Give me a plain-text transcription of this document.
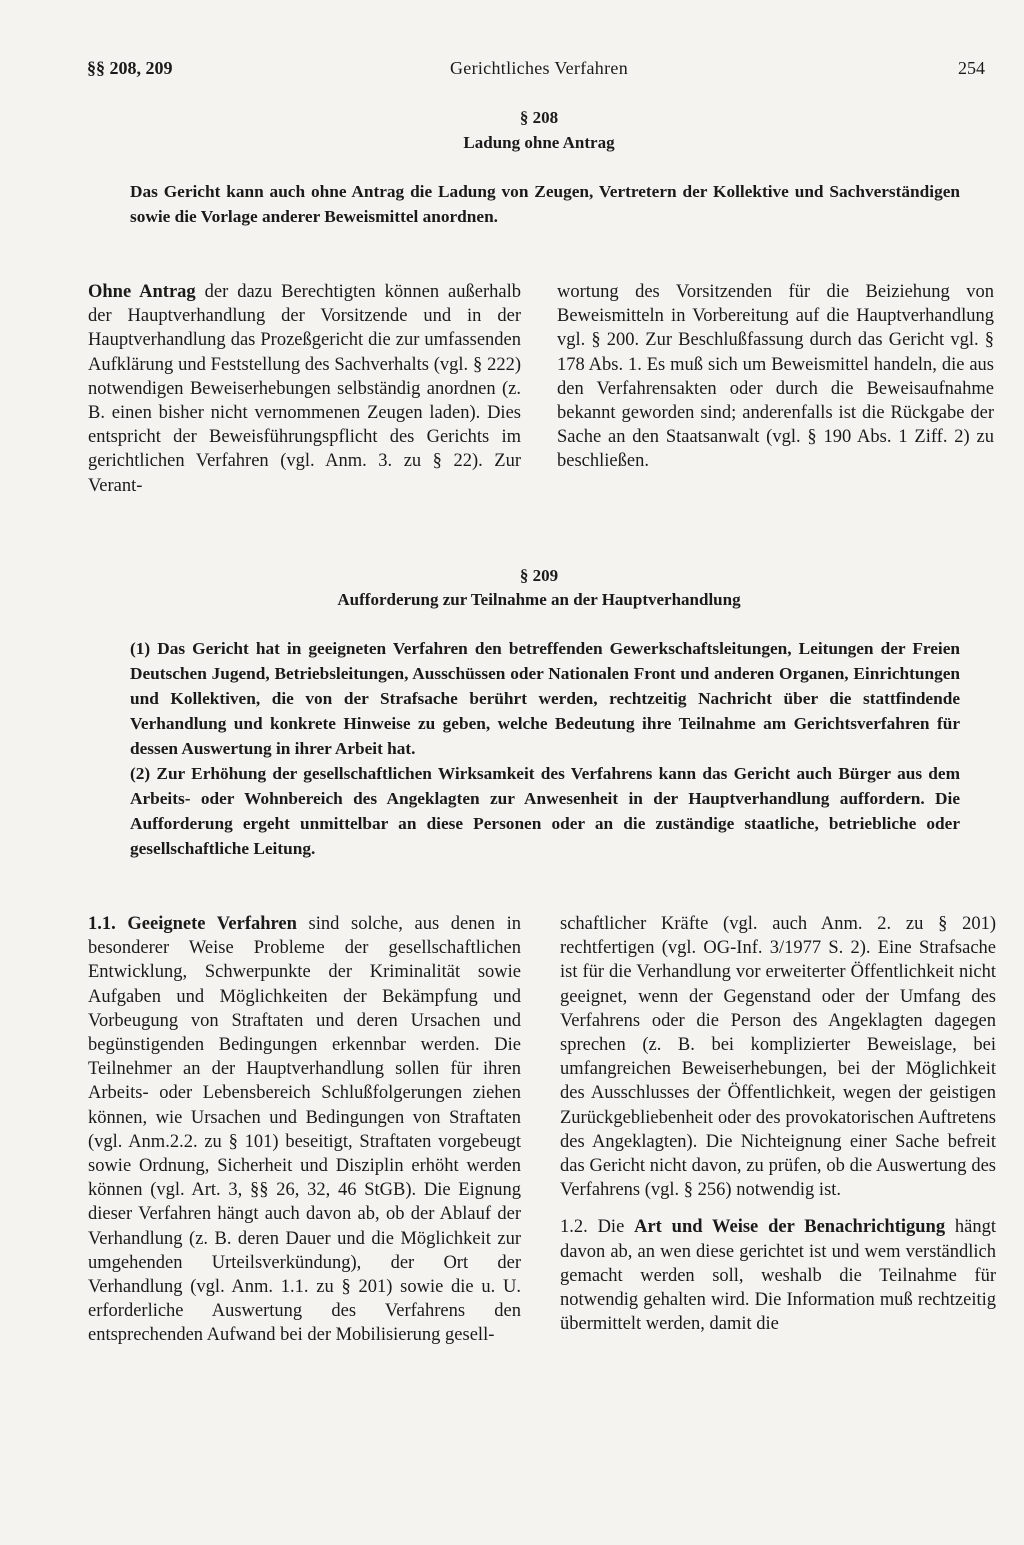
§§ 208, 209	Gerichtliches Verfahren	254
§ 208
Ladung ohne Antrag

Das Gericht kann auch ohne Antrag die Ladung von Zeugen, Vertretern der Kollektive und Sachverständigen sowie die Vorlage anderer Beweismittel anordnen.

Ohne Antrag der dazu Berechtigten können außerhalb der Hauptverhandlung der Vorsitzende und in der Hauptverhandlung das Prozeßgericht die zur umfassenden Aufklärung und Feststellung des Sachverhalts (vgl. § 222) notwendigen Beweiserhebungen selbständig anordnen (z. B. einen bisher nicht vernommenen Zeugen laden). Dies entspricht der Beweisführungspflicht des Gerichts im gerichtlichen Verfahren (vgl. Anm. 3. zu § 22). Zur Verant-

wortung des Vorsitzenden für die Beiziehung von Beweismitteln in Vorbereitung auf die Hauptverhandlung vgl. § 200. Zur Beschlußfassung durch das Gericht vgl. § 178 Abs. 1. Es muß sich um Beweismittel handeln, die aus den Verfahrensakten oder durch die Beweisaufnahme bekannt geworden sind; anderenfalls ist die Rückgabe der Sache an den Staatsanwalt (vgl. § 190 Abs. 1 Ziff. 2) zu beschließen.

§ 209
Aufforderung zur Teilnahme an der Hauptverhandlung

(1) Das Gericht hat in geeigneten Verfahren den betreffenden Gewerkschaftsleitungen, Leitungen der Freien Deutschen Jugend, Betriebsleitungen, Ausschüssen oder Nationalen Front und anderen Organen, Einrichtungen und Kollektiven, die von der Strafsache berührt werden, rechtzeitig Nachricht über die stattfindende Verhandlung und konkrete Hinweise zu geben, welche Bedeutung ihre Teilnahme am Gerichtsverfahren für dessen Auswertung in ihrer Arbeit hat.

(2) Zur Erhöhung der gesellschaftlichen Wirksamkeit des Verfahrens kann das Gericht auch Bürger aus dem Arbeits- oder Wohnbereich des Angeklagten zur Anwesenheit in der Hauptverhandlung auffordern. Die Aufforderung ergeht unmittelbar an diese Personen oder an die zuständige staatliche, betriebliche oder gesellschaftliche Leitung.

1.1. Geeignete Verfahren sind solche, aus denen in besonderer Weise Probleme der gesellschaftlichen Entwicklung, Schwerpunkte der Kriminalität sowie Aufgaben und Möglichkeiten der Bekämpfung und Vorbeugung von Straftaten und deren Ursachen und begünstigenden Bedingungen erkennbar werden. Die Teilnehmer an der Hauptverhandlung sollen für ihren Arbeits- oder Lebensbereich Schlußfolgerungen ziehen können, wie Ursachen und Bedingungen von Straftaten (vgl. Anm.2.2. zu § 101) beseitigt, Straftaten vorgebeugt sowie Ordnung, Sicherheit und Disziplin erhöht werden können (vgl. Art. 3, §§ 26, 32, 46 StGB). Die Eignung dieser Verfahren hängt auch davon ab, ob der Ablauf der Verhandlung (z. B. deren Dauer und die Möglichkeit zur umgehenden Urteilsverkündung), der Ort der Verhandlung (vgl. Anm. 1.1. zu § 201) sowie die u. U. erforderliche Auswertung des Verfahrens den entsprechenden Aufwand bei der Mobilisierung gesell-

schaftlicher Kräfte (vgl. auch Anm. 2. zu § 201) rechtfertigen (vgl. OG-Inf. 3/1977 S. 2). Eine Strafsache ist für die Verhandlung vor erweiterter Öffentlichkeit nicht geeignet, wenn der Gegenstand oder der Umfang des Verfahrens oder die Person des Angeklagten dagegen sprechen (z. B. bei komplizierter Beweislage, bei umfangreichen Beweiserhebungen, bei der Möglichkeit des Ausschlusses der Öffentlichkeit, wegen der geistigen Zurückgebliebenheit oder des provokatorischen Auftretens des Angeklagten). Die Nichteignung einer Sache befreit das Gericht nicht davon, zu prüfen, ob die Auswertung des Verfahrens (vgl. § 256) notwendig ist.

1.2. Die Art und Weise der Benachrichtigung hängt davon ab, an wen diese gerichtet ist und wem verständlich gemacht werden soll, weshalb die Teilnahme für notwendig gehalten wird. Die Information muß rechtzeitig übermittelt werden, damit die
